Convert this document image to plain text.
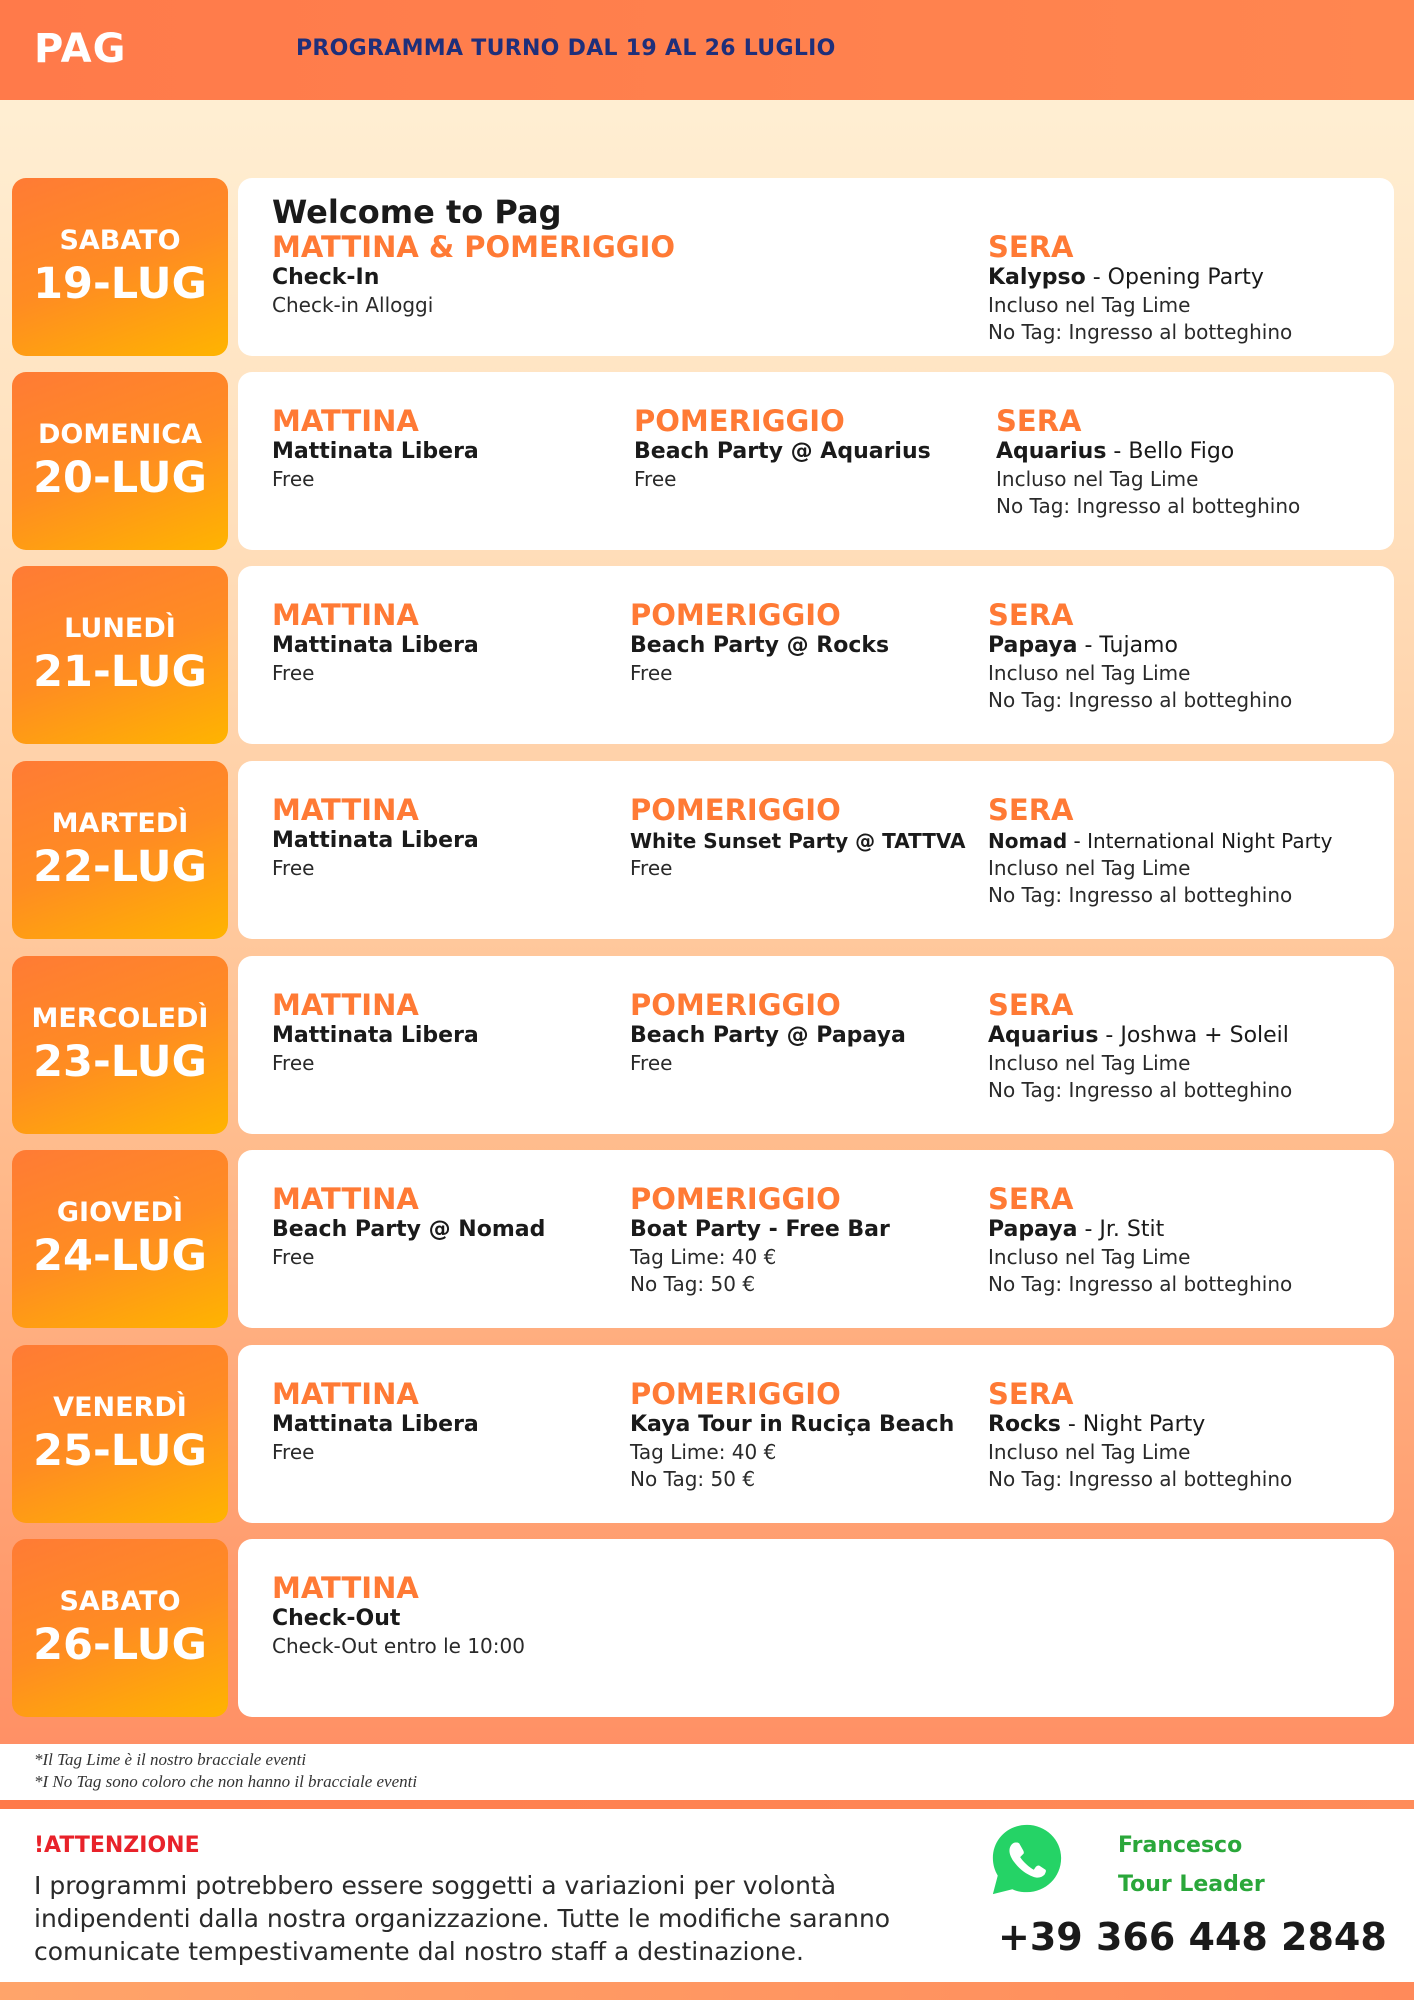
PAG	PROGRAMMA TURNO DAL 19 AL 26 LUGLIO
SABATO
19-LUG
Welcome to Pag
MATTINA & POMERIGGIO
Check-In
Check-in Alloggi
SERA
Kalypso - Opening Party
Incluso nel Tag Lime
No Tag: Ingresso al botteghino
DOMENICA
20-LUG
MATTINA
Mattinata Libera
Free
POMERIGGIO
Beach Party @ Aquarius
Free
SERA
Aquarius - Bello Figo
Incluso nel Tag Lime
No Tag: Ingresso al botteghino
LUNEDÌ
21-LUG
MATTINA
Mattinata Libera
Free
POMERIGGIO
Beach Party @ Rocks
Free
SERA
Papaya - Tujamo
Incluso nel Tag Lime
No Tag: Ingresso al botteghino
MARTEDÌ
22-LUG
MATTINA
Mattinata Libera
Free
POMERIGGIO
White Sunset Party @ TATTVA
Free
SERA
Nomad - International Night Party
Incluso nel Tag Lime
No Tag: Ingresso al botteghino
MERCOLEDÌ
23-LUG
MATTINA
Mattinata Libera
Free
POMERIGGIO
Beach Party @ Papaya
Free
SERA
Aquarius - Joshwa + Soleil
Incluso nel Tag Lime
No Tag: Ingresso al botteghino
GIOVEDÌ
24-LUG
MATTINA
Beach Party @ Nomad
Free
POMERIGGIO
Boat Party - Free Bar
Tag Lime: 40 €
No Tag: 50 €
SERA
Papaya - Jr. Stit
Incluso nel Tag Lime
No Tag: Ingresso al botteghino
VENERDÌ
25-LUG
MATTINA
Mattinata Libera
Free
POMERIGGIO
Kaya Tour in Ruciça Beach
Tag Lime: 40 €
No Tag: 50 €
SERA
Rocks - Night Party
Incluso nel Tag Lime
No Tag: Ingresso al botteghino
SABATO
26-LUG
MATTINA
Check-Out
Check-Out entro le 10:00
*Il Tag Lime è il nostro bracciale eventi
*I No Tag sono coloro che non hanno il bracciale eventi
!ATTENZIONE
I programmi potrebbero essere soggetti a variazioni per volontà indipendenti dalla nostra organizzazione. Tutte le modifiche saranno comunicate tempestivamente dal nostro staff a destinazione.
Francesco
Tour Leader
+39 366 448 2848
